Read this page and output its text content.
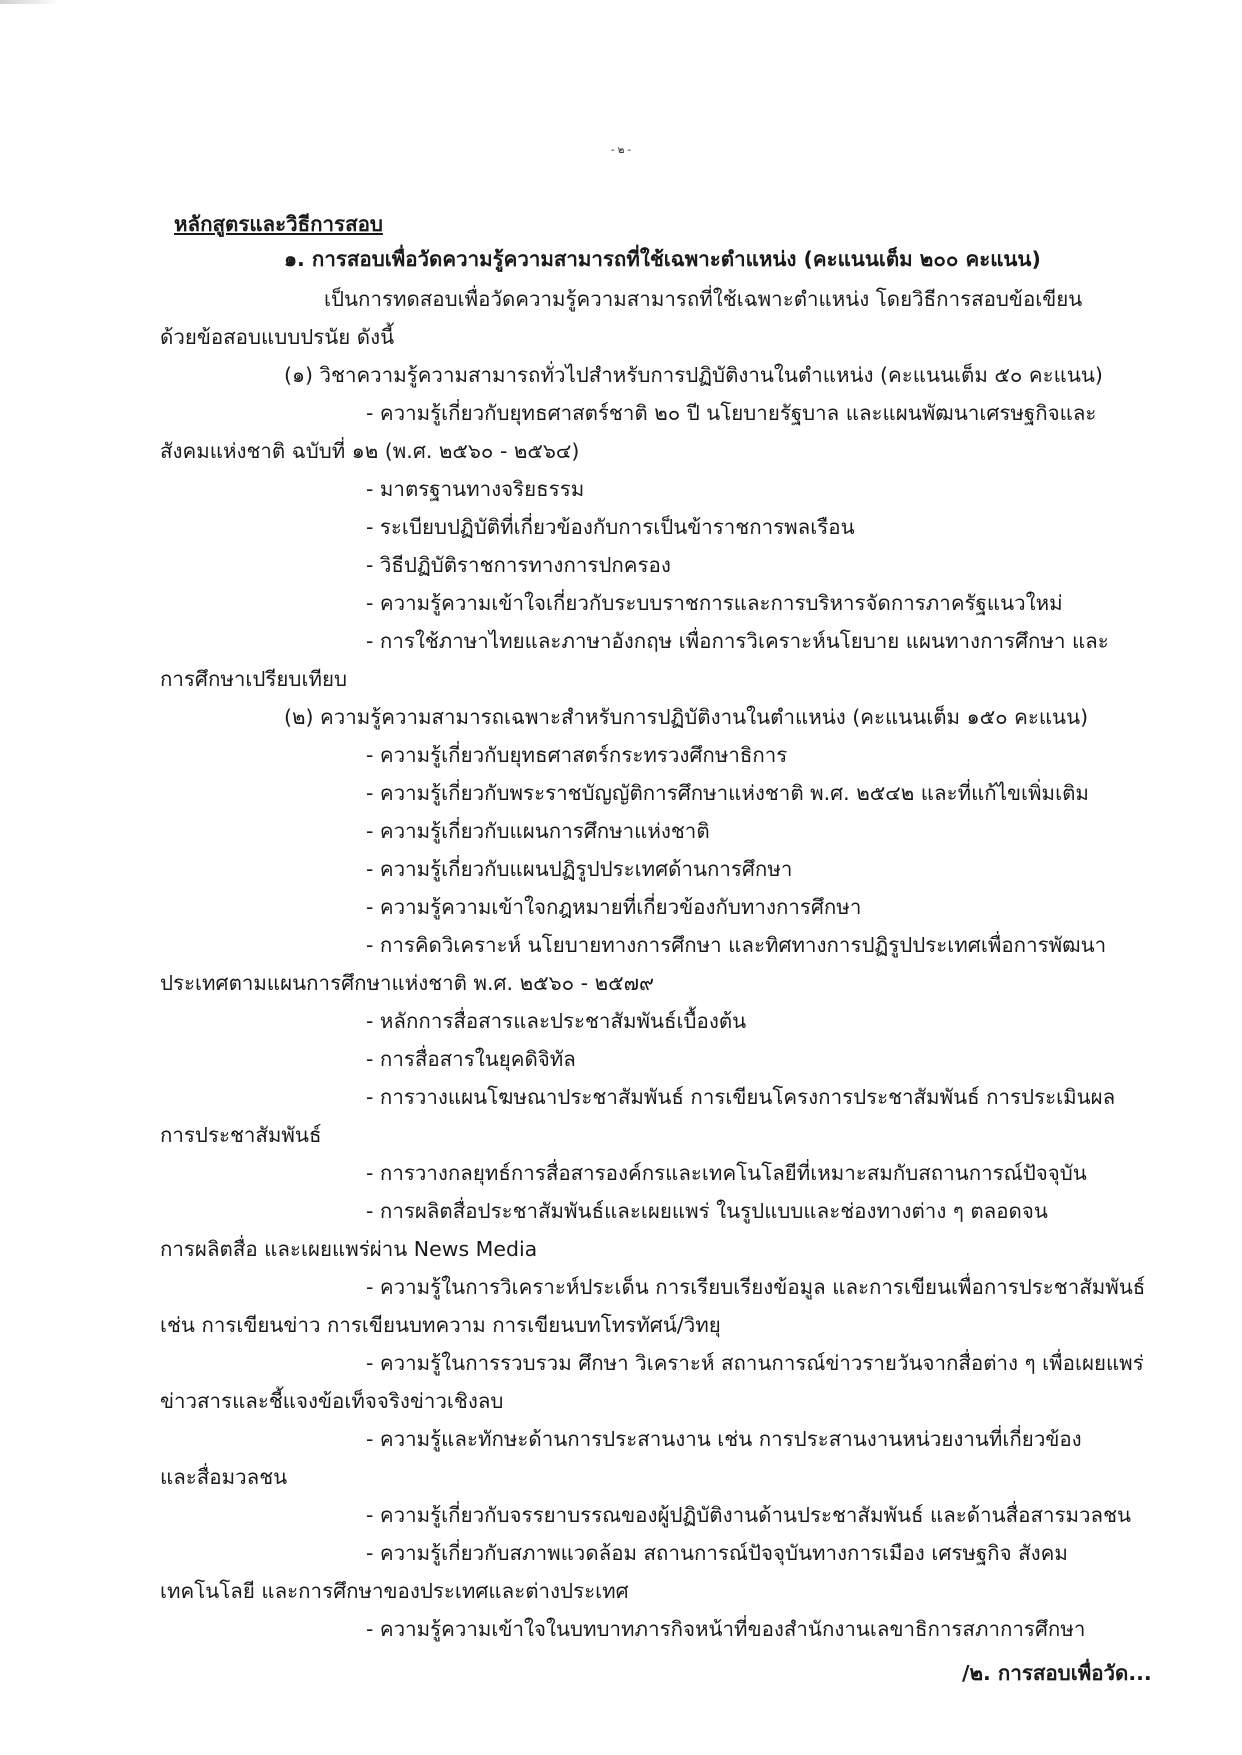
- ๒ -
หลักสูตรและวิธีการสอบ
๑. การสอบเพื่อวัดความรู้ความสามารถที่ใช้เฉพาะตำแหน่ง (คะแนนเต็ม ๒๐๐ คะแนน)
เป็นการทดสอบเพื่อวัดความรู้ความสามารถที่ใช้เฉพาะตำแหน่ง โดยวิธีการสอบข้อเขียน
ด้วยข้อสอบแบบปรนัย ดังนี้
(๑) วิชาความรู้ความสามารถทั่วไปสำหรับการปฏิบัติงานในตำแหน่ง (คะแนนเต็ม ๕๐ คะแนน)
- ความรู้เกี่ยวกับยุทธศาสตร์ชาติ ๒๐ ปี นโยบายรัฐบาล และแผนพัฒนาเศรษฐกิจและ
สังคมแห่งชาติ ฉบับที่ ๑๒ (พ.ศ. ๒๕๖๐ - ๒๕๖๔)
- มาตรฐานทางจริยธรรม
- ระเบียบปฏิบัติที่เกี่ยวข้องกับการเป็นข้าราชการพลเรือน
- วิธีปฏิบัติราชการทางการปกครอง
- ความรู้ความเข้าใจเกี่ยวกับระบบราชการและการบริหารจัดการภาครัฐแนวใหม่
- การใช้ภาษาไทยและภาษาอังกฤษ เพื่อการวิเคราะห์นโยบาย แผนทางการศึกษา และ
การศึกษาเปรียบเทียบ
(๒) ความรู้ความสามารถเฉพาะสำหรับการปฏิบัติงานในตำแหน่ง (คะแนนเต็ม ๑๕๐ คะแนน)
- ความรู้เกี่ยวกับยุทธศาสตร์กระทรวงศึกษาธิการ
- ความรู้เกี่ยวกับพระราชบัญญัติการศึกษาแห่งชาติ พ.ศ. ๒๕๔๒ และที่แก้ไขเพิ่มเติม
- ความรู้เกี่ยวกับแผนการศึกษาแห่งชาติ
- ความรู้เกี่ยวกับแผนปฏิรูปประเทศด้านการศึกษา
- ความรู้ความเข้าใจกฎหมายที่เกี่ยวข้องกับทางการศึกษา
- การคิดวิเคราะห์ นโยบายทางการศึกษา และทิศทางการปฏิรูปประเทศเพื่อการพัฒนา
ประเทศตามแผนการศึกษาแห่งชาติ พ.ศ. ๒๕๖๐ - ๒๕๗๙
- หลักการสื่อสารและประชาสัมพันธ์เบื้องต้น
- การสื่อสารในยุคดิจิทัล
- การวางแผนโฆษณาประชาสัมพันธ์ การเขียนโครงการประชาสัมพันธ์ การประเมินผล
การประชาสัมพันธ์
- การวางกลยุทธ์การสื่อสารองค์กรและเทคโนโลยีที่เหมาะสมกับสถานการณ์ปัจจุบัน
- การผลิตสื่อประชาสัมพันธ์และเผยแพร่ ในรูปแบบและช่องทางต่าง ๆ ตลอดจน
การผลิตสื่อ และเผยแพร่ผ่าน News Media
- ความรู้ในการวิเคราะห์ประเด็น การเรียบเรียงข้อมูล และการเขียนเพื่อการประชาสัมพันธ์
เช่น การเขียนข่าว การเขียนบทความ การเขียนบทโทรทัศน์/วิทยุ
- ความรู้ในการรวบรวม ศึกษา วิเคราะห์ สถานการณ์ข่าวรายวันจากสื่อต่าง ๆ เพื่อเผยแพร่
ข่าวสารและชี้แจงข้อเท็จจริงข่าวเชิงลบ
- ความรู้และทักษะด้านการประสานงาน เช่น การประสานงานหน่วยงานที่เกี่ยวข้อง
และสื่อมวลชน
- ความรู้เกี่ยวกับจรรยาบรรณของผู้ปฏิบัติงานด้านประชาสัมพันธ์ และด้านสื่อสารมวลชน
- ความรู้เกี่ยวกับสภาพแวดล้อม สถานการณ์ปัจจุบันทางการเมือง เศรษฐกิจ สังคม
เทคโนโลยี และการศึกษาของประเทศและต่างประเทศ
- ความรู้ความเข้าใจในบทบาทภารกิจหน้าที่ของสำนักงานเลขาธิการสภาการศึกษา
/๒. การสอบเพื่อวัด...
